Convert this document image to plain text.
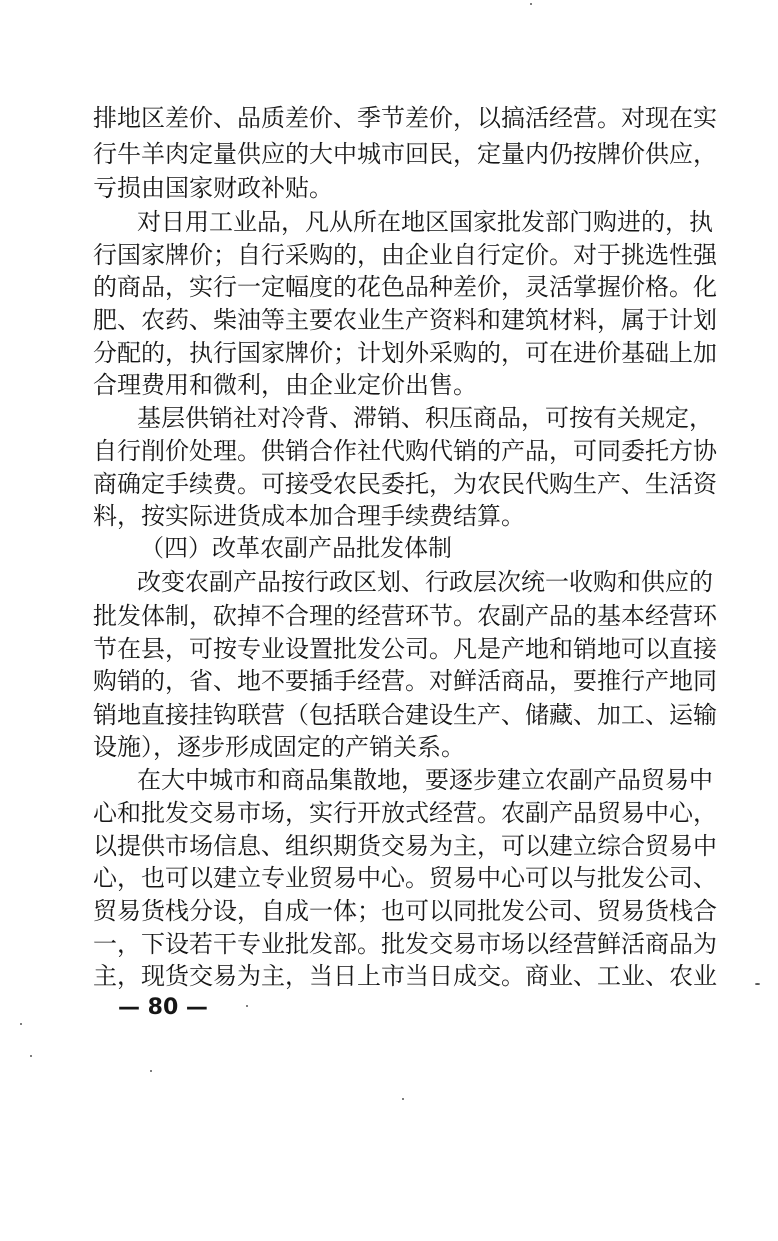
排地区差价、品质差价、季节差价，以搞活经营。对现在实
行牛羊肉定量供应的大中城市回民，定量内仍按牌价供应，
亏损由国家财政补贴。
对日用工业品，凡从所在地区国家批发部门购进的，执
行国家牌价；自行采购的，由企业自行定价。对于挑选性强
的商品，实行一定幅度的花色品种差价，灵活掌握价格。化
肥、农药、柴油等主要农业生产资料和建筑材料，属于计划
分配的，执行国家牌价；计划外采购的，可在进价基础上加
合理费用和微利，由企业定价出售。
基层供销社对冷背、滞销、积压商品，可按有关规定，
自行削价处理。供销合作社代购代销的产品，可同委托方协
商确定手续费。可接受农民委托，为农民代购生产、生活资
料，按实际进货成本加合理手续费结算。
（四）改革农副产品批发体制
改变农副产品按行政区划、行政层次统一收购和供应的
批发体制，砍掉不合理的经营环节。农副产品的基本经营环
节在县，可按专业设置批发公司。凡是产地和销地可以直接
购销的，省、地不要插手经营。对鲜活商品，要推行产地同
销地直接挂钩联营（包括联合建设生产、储藏、加工、运输
设施），逐步形成固定的产销关系。
在大中城市和商品集散地，要逐步建立农副产品贸易中
心和批发交易市场，实行开放式经营。农副产品贸易中心，
以提供市场信息、组织期货交易为主，可以建立综合贸易中
心，也可以建立专业贸易中心。贸易中心可以与批发公司、
贸易货栈分设，自成一体；也可以同批发公司、贸易货栈合
一，下设若干专业批发部。批发交易市场以经营鲜活商品为
主，现货交易为主，当日上市当日成交。商业、工业、农业
— 80 —
